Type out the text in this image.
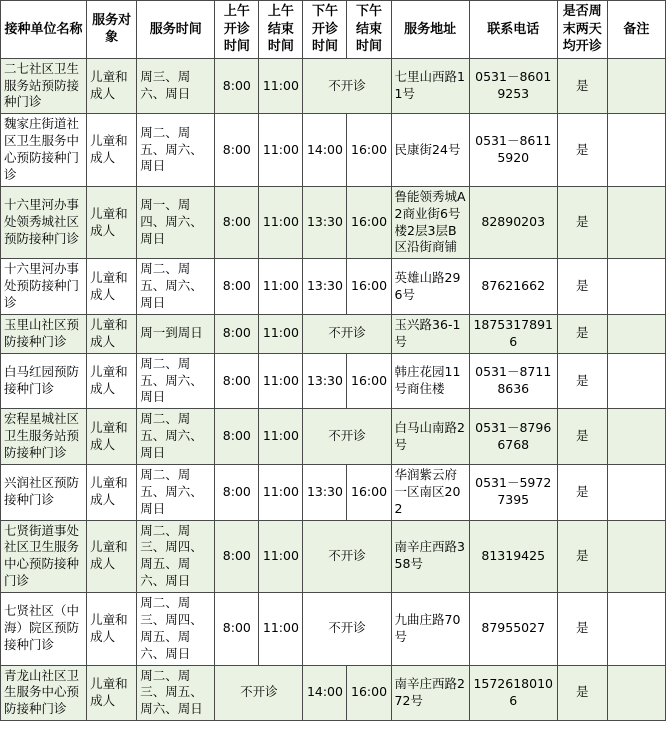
接种单位名称	服务对象	服务时间	上午开诊时间	上午结束时间	下午开诊时间	下午结束时间	服务地址	联系电话	是否周末两天均开诊	备注
二七社区卫生服务站预防接种门诊	儿童和成人	周三、周六、周日	8:00	11:00	不开诊		七里山西路11号	0531－86019253	是	
魏家庄街道社区卫生服务中心预防接种门诊	儿童和成人	周二、周五、周六、周日	8:00	11:00	14:00	16:00	民康街24号	0531－86115920	是	
十六里河办事处领秀城社区预防接种门诊	儿童和成人	周一、周四、周六、周日	8:00	11:00	13:30	16:00	鲁能领秀城A2商业街6号楼2层3层B区沿街商铺	82890203	是	
十六里河办事处预防接种门诊	儿童和成人	周二、周五、周六、周日	8:00	11:00	13:30	16:00	英雄山路296号	87621662	是	
玉里山社区预防接种门诊	儿童和成人	周一到周日	8:00	11:00	不开诊		玉兴路36-1号	18753178916	是	
白马红园预防接种门诊	儿童和成人	周二、周五、周六、周日	8:00	11:00	13:30	16:00	韩庄花园11号商住楼	0531－87118636	是	
宏程星城社区卫生服务站预防接种门诊	儿童和成人	周二、周五、周六、周日	8:00	11:00	不开诊		白马山南路2号	0531－87966768	是	
兴润社区预防接种门诊	儿童和成人	周二、周五、周六、周日	8:00	11:00	13:30	16:00	华润紫云府一区南区202	0531－59727395	是	
七贤街道事处社区卫生服务中心预防接种门诊	儿童和成人	周二、周三、周四、周五、周六、周日	8:00	11:00	不开诊		南辛庄西路358号	81319425	是	
七贤社区（中海）院区预防接种门诊	儿童和成人	周二、周三、周四、周五、周六、周日	8:00	11:00	不开诊		九曲庄路70号	87955027	是	
青龙山社区卫生服务中心预防接种门诊	儿童和成人	周二、周三、周五、周六、周日	不开诊		14:00	16:00	南辛庄西路272号	15726180106	是	
